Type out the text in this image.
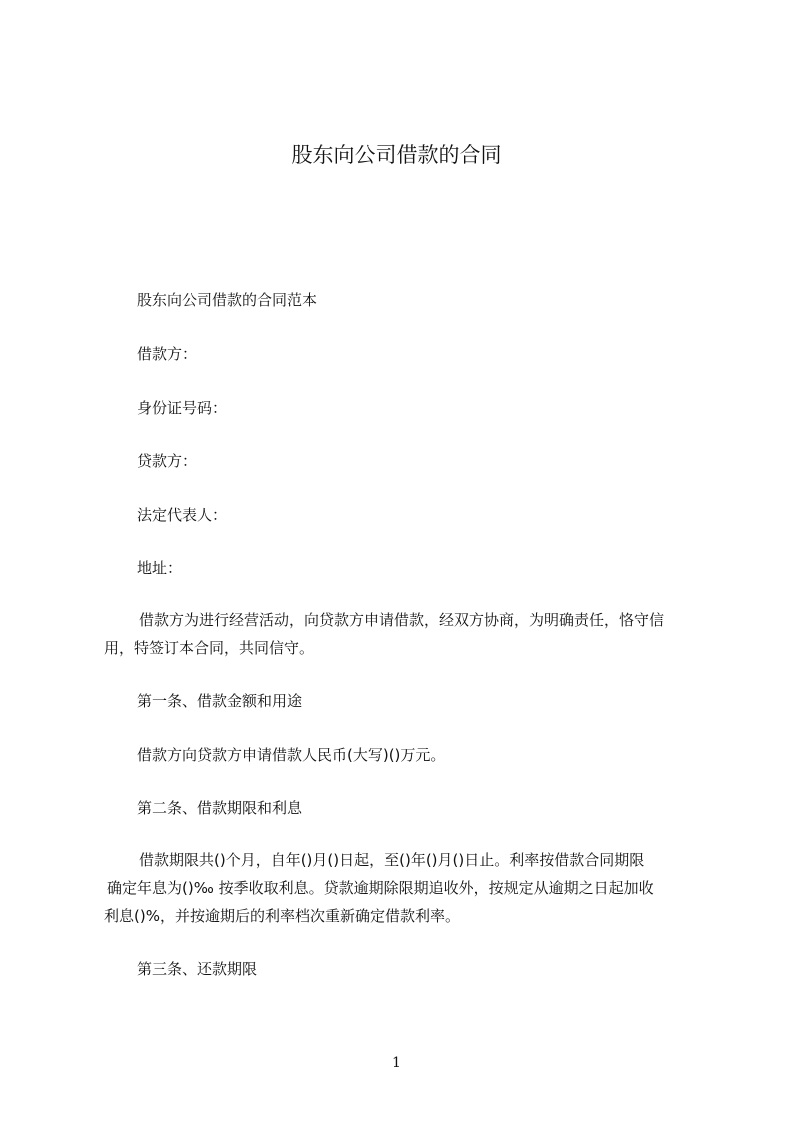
股东向公司借款的合同
股东向公司借款的合同范本
借款方：
身份证号码：
贷款方：
法定代表人：
地址：
借款方为进行经营活动，向贷款方申请借款，经双方协商，为明确责任，恪守信
用，特签订本合同，共同信守。
第一条、借款金额和用途
借款方向贷款方申请借款人民币(大写)()万元。
第二条、借款期限和利息
借款期限共()个月，自年()月()日起，至()年()月()日止。利率按借款合同期限
确定年息为()‰ 按季收取利息。贷款逾期除限期追收外，按规定从逾期之日起加收
利息()%，并按逾期后的利率档次重新确定借款利率。
第三条、还款期限
1
